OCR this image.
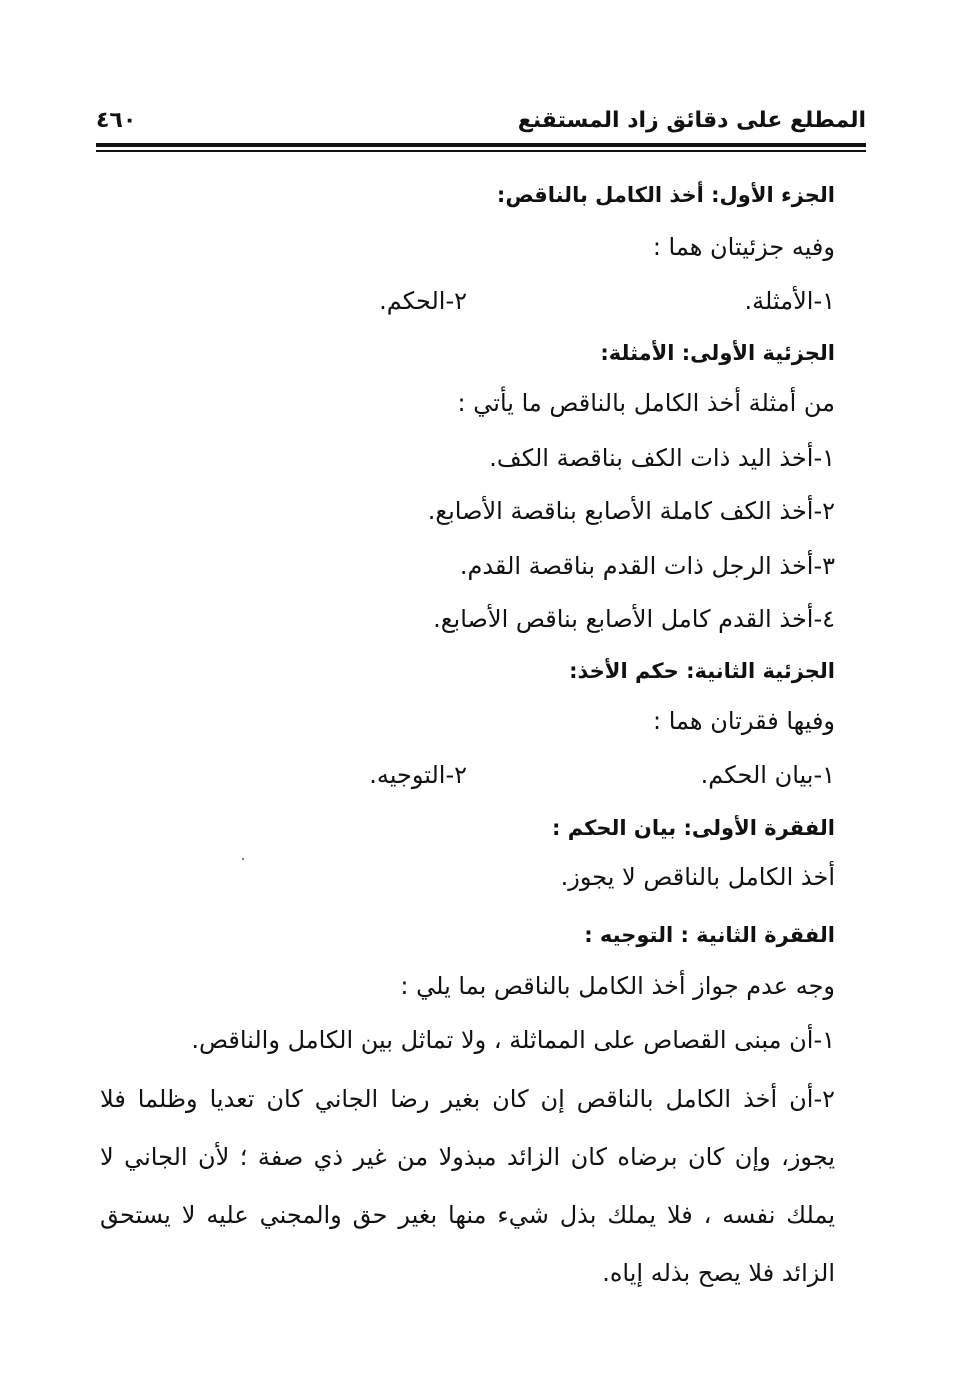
المطلع على دقائق زاد المستقنع
٤٦٠
الجزء الأول: أخذ الكامل بالناقص:
وفيه جزئيتان هما :
١-الأمثلة.
٢-الحكم.
الجزئية الأولى: الأمثلة:
من أمثلة أخذ الكامل بالناقص ما يأتي :
١-أخذ اليد ذات الكف بناقصة الكف.
٢-أخذ الكف كاملة الأصابع بناقصة الأصابع.
٣-أخذ الرجل ذات القدم بناقصة القدم.
٤-أخذ القدم كامل الأصابع بناقص الأصابع.
الجزئية الثانية: حكم الأخذ:
وفيها فقرتان هما :
١-بيان الحكم.
٢-التوجيه.
الفقرة الأولى: بيان الحكم :
أخذ الكامل بالناقص لا يجوز.
الفقرة الثانية : التوجيه :
وجه عدم جواز أخذ الكامل بالناقص بما يلي :
١-أن مبنى القصاص على المماثلة ، ولا تماثل بين الكامل والناقص.
٢-أن أخذ الكامل بالناقص إن كان بغير رضا الجاني كان تعديا وظلما فلا يجوز، وإن كان برضاه كان الزائد مبذولا من غير ذي صفة ؛ لأن الجاني لا يملك نفسه ، فلا يملك بذل شيء منها بغير حق والمجني عليه لا يستحق الزائد فلا يصح بذله إياه.
